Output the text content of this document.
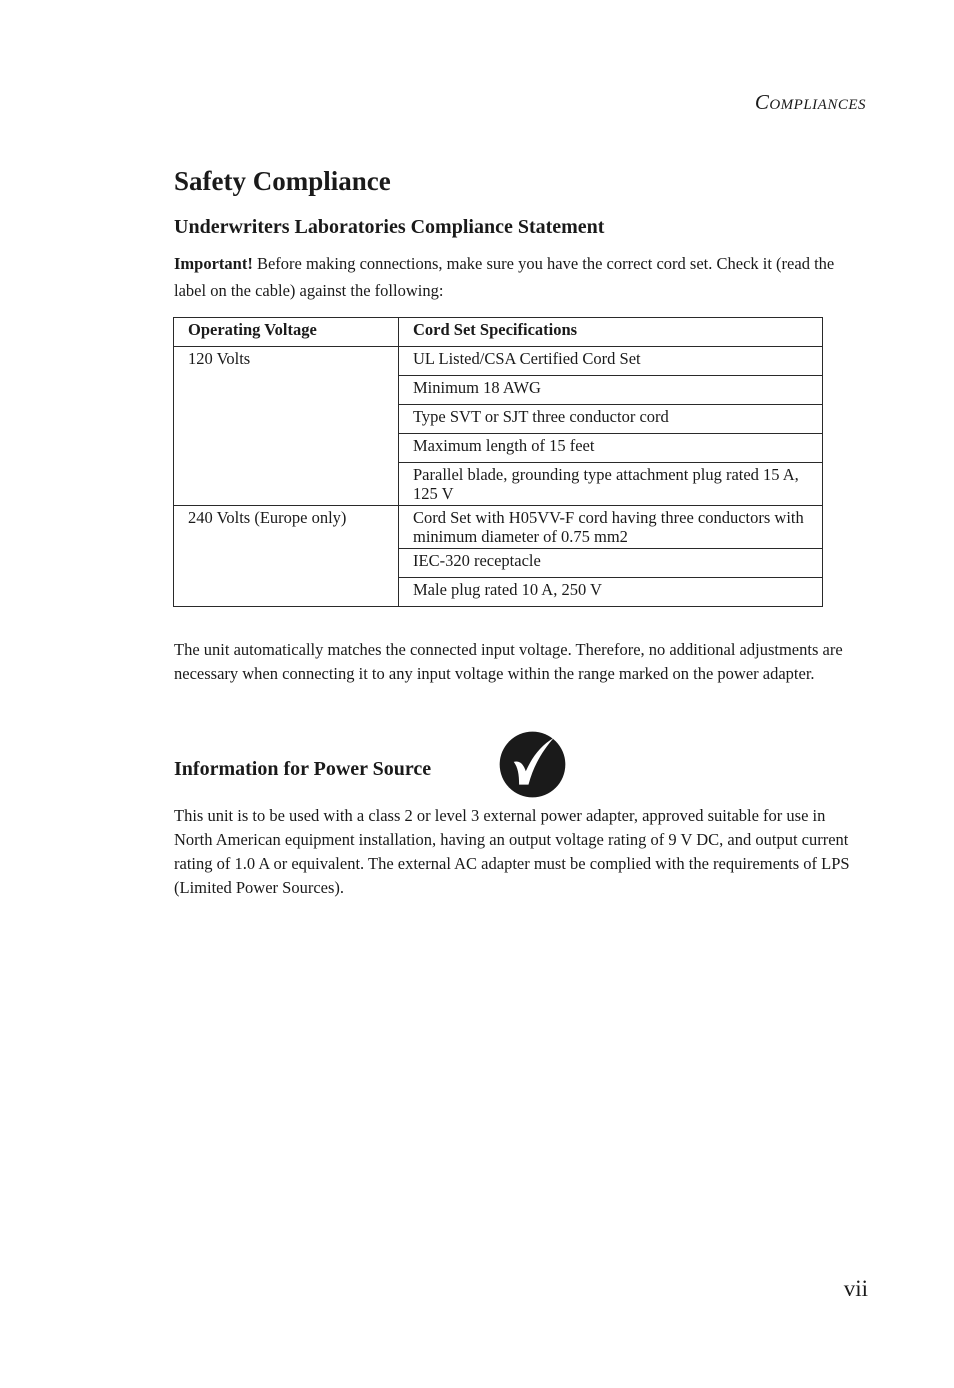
COMPLIANCES
Safety Compliance
Underwriters Laboratories Compliance Statement

Important! Before making connections, make sure you have the correct cord set. Check it (read the label on the cable) against the following:

Operating Voltage	Cord Set Specifications
120 Volts	UL Listed/CSA Certified Cord Set
	Minimum 18 AWG
	Type SVT or SJT three conductor cord
	Maximum length of 15 feet
	Parallel blade, grounding type attachment plug rated 15 A, 125 V
240 Volts (Europe only)	Cord Set with H05VV-F cord having three conductors with minimum diameter of 0.75 mm2
	IEC-320 receptacle
	Male plug rated 10 A, 250 V

The unit automatically matches the connected input voltage. Therefore, no additional adjustments are necessary when connecting it to any input voltage within the range marked on the power adapter.

Information for Power Source

This unit is to be used with a class 2 or level 3 external power adapter, approved suitable for use in North American equipment installation, having an output voltage rating of 9 V DC, and output current rating of 1.0 A or equivalent. The external AC adapter must be complied with the requirements of LPS (Limited Power Sources).

vii
